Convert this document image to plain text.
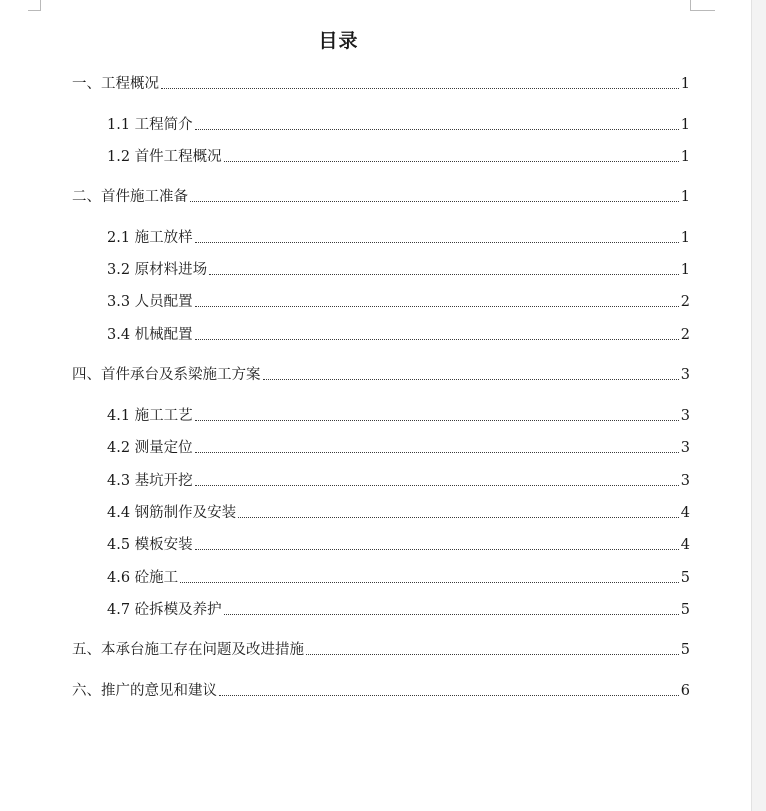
目录
一、工程概况	1
1.1 工程简介	1
1.2 首件工程概况	1
二、首件施工准备	1
2.1 施工放样	1
3.2 原材料进场	1
3.3 人员配置	2
3.4 机械配置	2
四、首件承台及系梁施工方案	3
4.1 施工工艺	3
4.2 测量定位	3
4.3 基坑开挖	3
4.4 钢筋制作及安装	4
4.5 模板安装	4
4.6 砼施工	5
4.7 砼拆模及养护	5
五、本承台施工存在问题及改进措施	5
六、推广的意见和建议	6
